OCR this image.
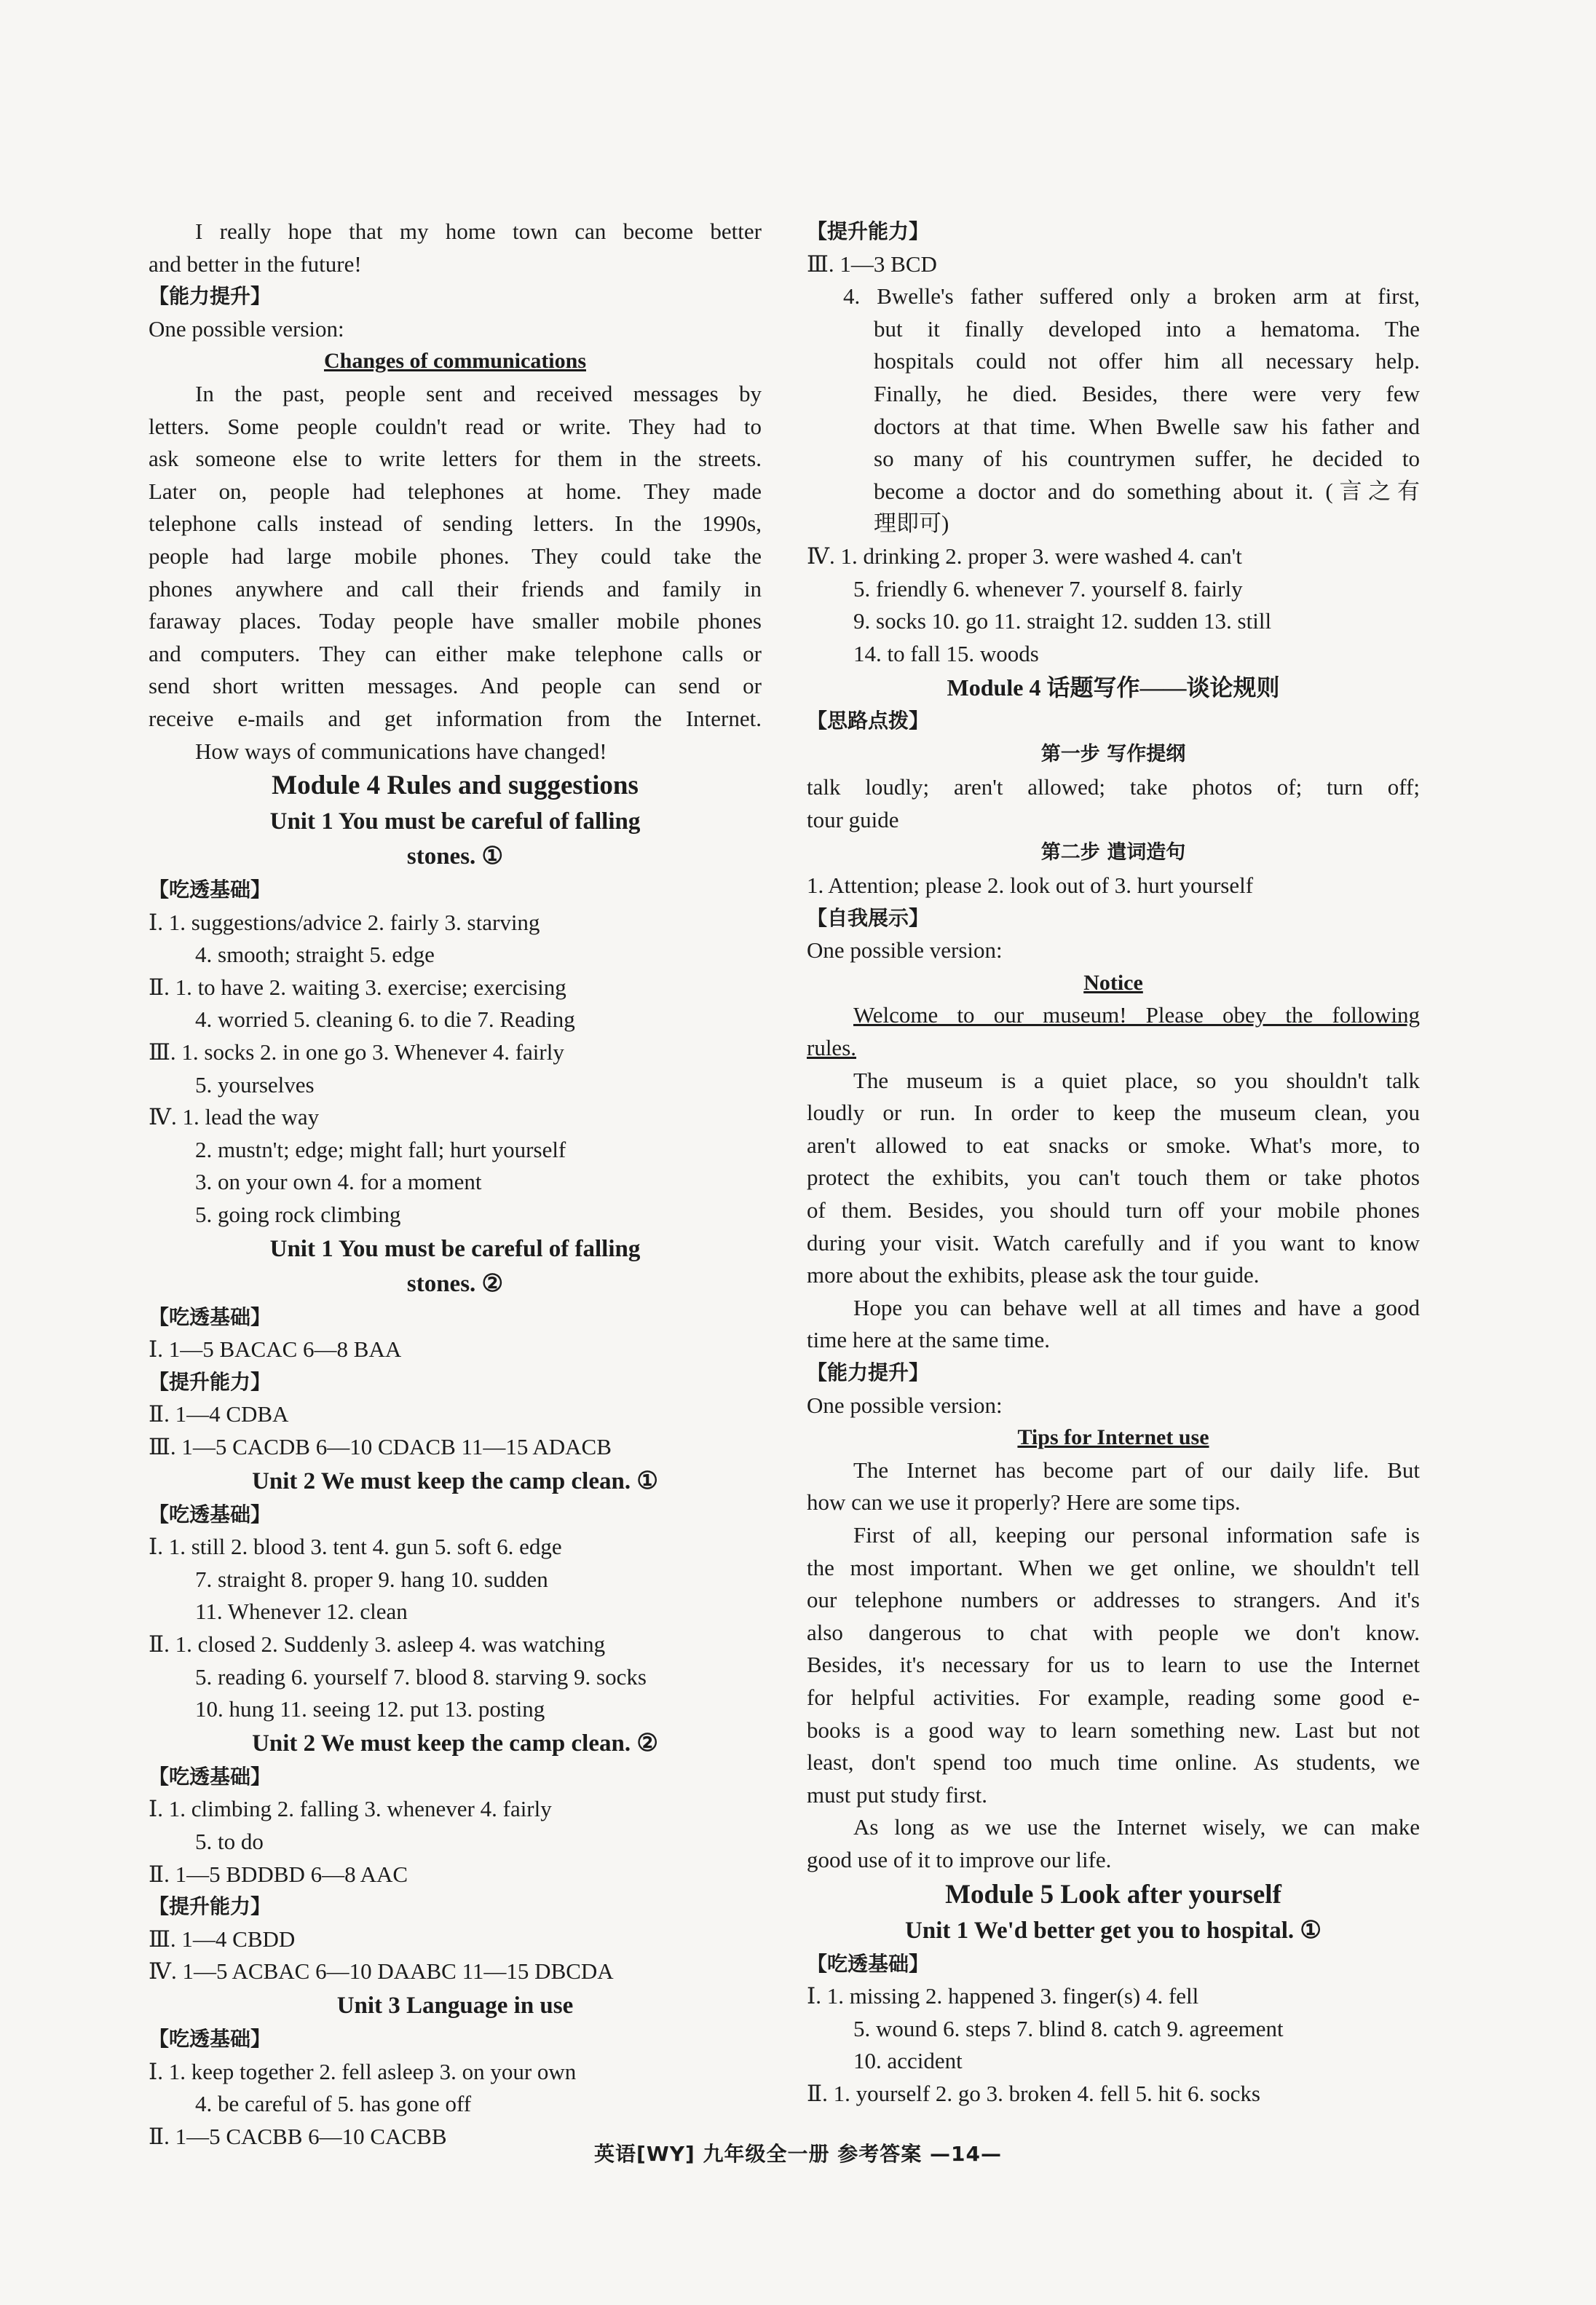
I really hope that my home town can become better
and better in the future!
【能力提升】
One possible version:
Changes of communications
In the past, people sent and received messages by
letters. Some people couldn't read or write. They had to
ask someone else to write letters for them in the streets.
Later on, people had telephones at home. They made
telephone calls instead of sending letters. In the 1990s,
people had large mobile phones. They could take the
phones anywhere and call their friends and family in
faraway places. Today people have smaller mobile phones
and computers. They can either make telephone calls or
send short written messages. And people can send or
receive e-mails and get information from the Internet.
How ways of communications have changed!
Module 4 Rules and suggestions
Unit 1 You must be careful of falling
stones. ①
【吃透基础】
Ⅰ. 1. suggestions/advice 2. fairly 3. starving
4. smooth; straight 5. edge
Ⅱ. 1. to have 2. waiting 3. exercise; exercising
4. worried 5. cleaning 6. to die 7. Reading
Ⅲ. 1. socks 2. in one go 3. Whenever 4. fairly
5. yourselves
Ⅳ. 1. lead the way
2. mustn't; edge; might fall; hurt yourself
3. on your own 4. for a moment
5. going rock climbing
Unit 1 You must be careful of falling
stones. ②
【吃透基础】
Ⅰ. 1—5 BACAC 6—8 BAA
【提升能力】
Ⅱ. 1—4 CDBA
Ⅲ. 1—5 CACDB 6—10 CDACB 11—15 ADACB
Unit 2 We must keep the camp clean. ①
【吃透基础】
Ⅰ. 1. still 2. blood 3. tent 4. gun 5. soft 6. edge
7. straight 8. proper 9. hang 10. sudden
11. Whenever 12. clean
Ⅱ. 1. closed 2. Suddenly 3. asleep 4. was watching
5. reading 6. yourself 7. blood 8. starving 9. socks
10. hung 11. seeing 12. put 13. posting
Unit 2 We must keep the camp clean. ②
【吃透基础】
Ⅰ. 1. climbing 2. falling 3. whenever 4. fairly
5. to do
Ⅱ. 1—5 BDDBD 6—8 AAC
【提升能力】
Ⅲ. 1—4 CBDD
Ⅳ. 1—5 ACBAC 6—10 DAABC 11—15 DBCDA
Unit 3 Language in use
【吃透基础】
Ⅰ. 1. keep together 2. fell asleep 3. on your own
4. be careful of 5. has gone off
Ⅱ. 1—5 CACBB 6—10 CACBB
【提升能力】
Ⅲ. 1—3 BCD
4. Bwelle's father suffered only a broken arm at first,
but it finally developed into a hematoma. The
hospitals could not offer him all necessary help.
Finally, he died. Besides, there were very few
doctors at that time. When Bwelle saw his father and
so many of his countrymen suffer, he decided to
become a doctor and do something about it. (言之有
理即可)
Ⅳ. 1. drinking 2. proper 3. were washed 4. can't
5. friendly 6. whenever 7. yourself 8. fairly
9. socks 10. go 11. straight 12. sudden 13. still
14. to fall 15. woods
Module 4 话题写作——谈论规则
【思路点拨】
第一步 写作提纲
talk loudly; aren't allowed; take photos of; turn off;
tour guide
第二步 遣词造句
1. Attention; please 2. look out of 3. hurt yourself
【自我展示】
One possible version:
Notice
Welcome to our museum! Please obey the following
rules.
The museum is a quiet place, so you shouldn't talk
loudly or run. In order to keep the museum clean, you
aren't allowed to eat snacks or smoke. What's more, to
protect the exhibits, you can't touch them or take photos
of them. Besides, you should turn off your mobile phones
during your visit. Watch carefully and if you want to know
more about the exhibits, please ask the tour guide.
Hope you can behave well at all times and have a good
time here at the same time.
【能力提升】
One possible version:
Tips for Internet use
The Internet has become part of our daily life. But
how can we use it properly? Here are some tips.
First of all, keeping our personal information safe is
the most important. When we get online, we shouldn't tell
our telephone numbers or addresses to strangers. And it's
also dangerous to chat with people we don't know.
Besides, it's necessary for us to learn to use the Internet
for helpful activities. For example, reading some good e-
books is a good way to learn something new. Last but not
least, don't spend too much time online. As students, we
must put study first.
As long as we use the Internet wisely, we can make
good use of it to improve our life.
Module 5 Look after yourself
Unit 1 We'd better get you to hospital. ①
【吃透基础】
Ⅰ. 1. missing 2. happened 3. finger(s) 4. fell
5. wound 6. steps 7. blind 8. catch 9. agreement
10. accident
Ⅱ. 1. yourself 2. go 3. broken 4. fell 5. hit 6. socks
英语[WY] 九年级全一册 参考答案 —14—
